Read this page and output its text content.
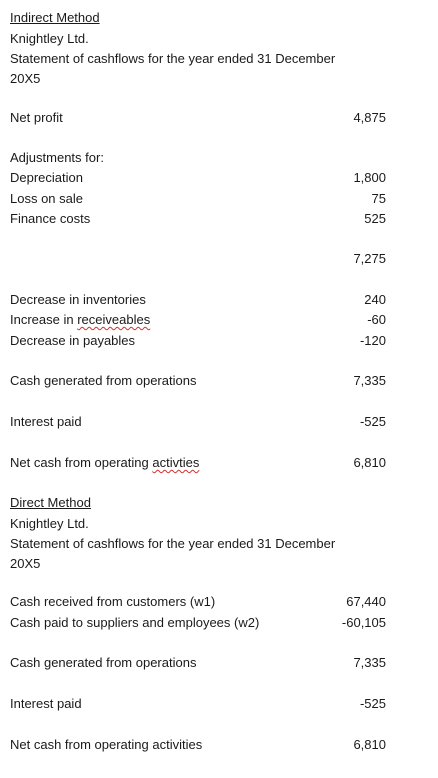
Indirect Method
Knightley Ltd.
Statement of cashflows for the year ended 31 December
20X5
Net profit	4,875
Adjustments for:
Depreciation	1,800
Loss on sale	75
Finance costs	525
7,275
Decrease in inventories	240
Increase in receiveables	-60
Decrease in payables	-120
Cash generated from operations	7,335
Interest paid	-525
Net cash from operating activties	6,810
Direct Method
Knightley Ltd.
Statement of cashflows for the year ended 31 December
20X5
Cash received from customers (w1)	67,440
Cash paid to suppliers and employees (w2)	-60,105
Cash generated from operations	7,335
Interest paid	-525
Net cash from operating activities	6,810
